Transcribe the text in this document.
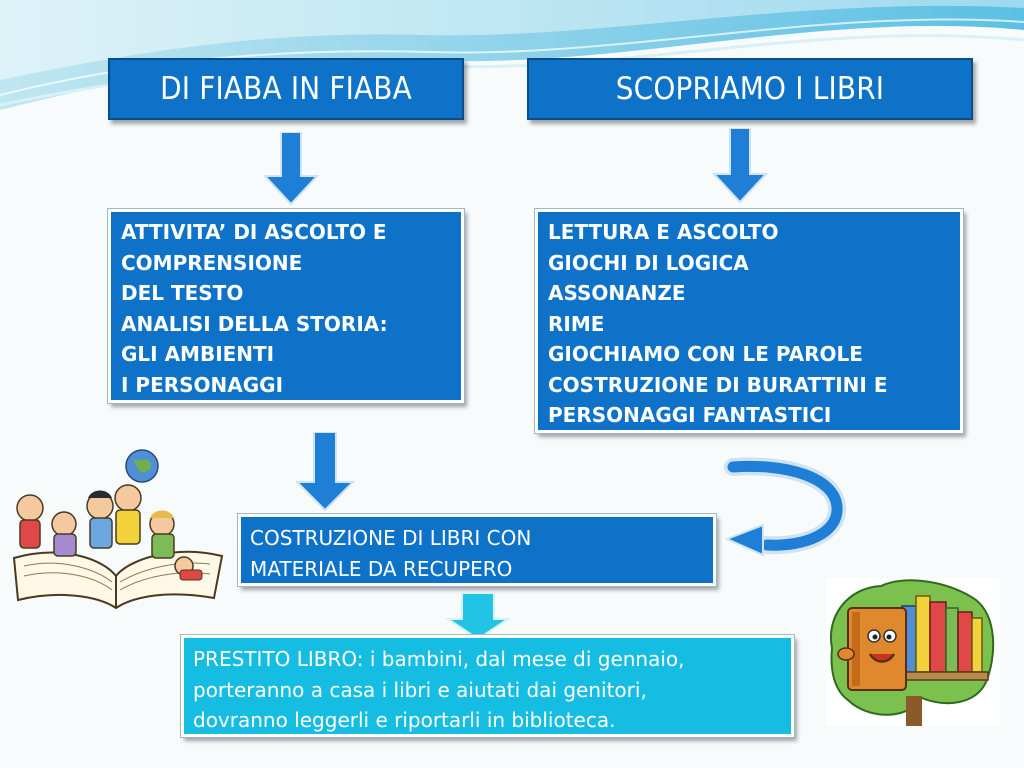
DI FIABA IN FIABA	SCOPRIAMO I LIBRI
ATTIVITA’ DI ASCOLTO E
COMPRENSIONE
DEL TESTO
ANALISI DELLA STORIA:
GLI AMBIENTI
I PERSONAGGI
LETTURA E ASCOLTO
GIOCHI DI LOGICA
ASSONANZE
RIME
GIOCHIAMO CON LE PAROLE
COSTRUZIONE DI BURATTINI E
PERSONAGGI FANTASTICI
COSTRUZIONE DI LIBRI CON
MATERIALE DA RECUPERO
PRESTITO LIBRO: i bambini, dal mese di gennaio,
porteranno a casa i libri e aiutati dai genitori,
dovranno leggerli e riportarli in biblioteca.
